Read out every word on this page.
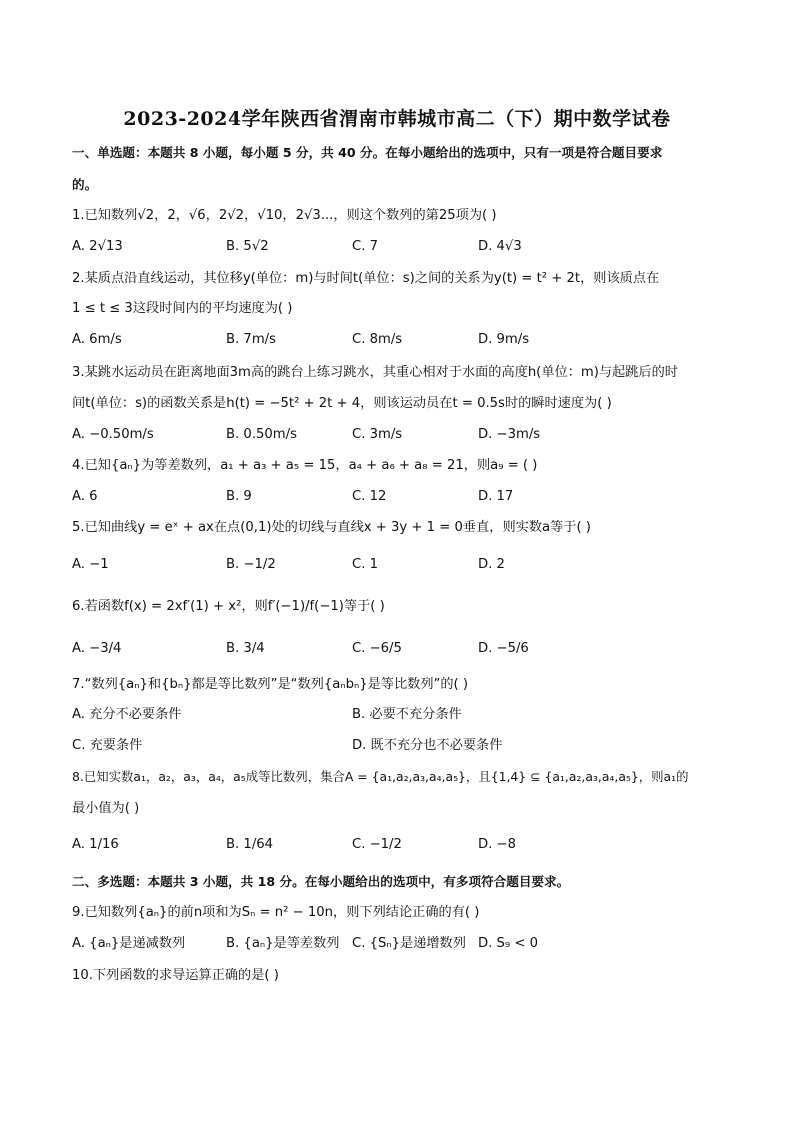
2023-2024学年陕西省渭南市韩城市高二（下）期中数学试卷
一、单选题：本题共 8 小题，每小题 5 分，共 40 分。在每小题给出的选项中，只有一项是符合题目要求
的。
1.已知数列√2，2，√6，2√2，√10，2√3...，则这个数列的第25项为( )
A. 2√13	B. 5√2	C. 7	D. 4√3
2.某质点沿直线运动，其位移y(单位：m)与时间t(单位：s)之间的关系为y(t) = t² + 2t，则该质点在
1 ≤ t ≤ 3这段时间内的平均速度为( )
A. 6m/s	B. 7m/s	C. 8m/s	D. 9m/s
3.某跳水运动员在距离地面3m高的跳台上练习跳水，其重心相对于水面的高度h(单位：m)与起跳后的时
间t(单位：s)的函数关系是h(t) = −5t² + 2t + 4，则该运动员在t = 0.5s时的瞬时速度为( )
A. −0.50m/s	B. 0.50m/s	C. 3m/s	D. −3m/s
4.已知{aₙ}为等差数列，a₁ + a₃ + a₅ = 15，a₄ + a₆ + a₈ = 21，则a₉ = ( )
A. 6	B. 9	C. 12	D. 17
5.已知曲线y = eˣ + ax在点(0,1)处的切线与直线x + 3y + 1 = 0垂直，则实数a等于( )
A. −1	B. −1/2	C. 1	D. 2
6.若函数f(x) = 2xf′(1) + x²，则f′(−1)/f(−1)等于( )
A. −3/4	B. 3/4	C. −6/5	D. −5/6
7.“数列{aₙ}和{bₙ}都是等比数列”是“数列{aₙbₙ}是等比数列”的( )
A. 充分不必要条件	B. 必要不充分条件
C. 充要条件	D. 既不充分也不必要条件
8.已知实数a₁，a₂，a₃，a₄，a₅成等比数列，集合A = {a₁,a₂,a₃,a₄,a₅}，且{1,4} ⊆ {a₁,a₂,a₃,a₄,a₅}，则a₁的
最小值为( )
A. 1/16	B. 1/64	C. −1/2	D. −8
二、多选题：本题共 3 小题，共 18 分。在每小题给出的选项中，有多项符合题目要求。
9.已知数列{aₙ}的前n项和为Sₙ = n² − 10n，则下列结论正确的有( )
A. {aₙ}是递减数列	B. {aₙ}是等差数列 C. {Sₙ}是递增数列 D. S₉ < 0
10.下列函数的求导运算正确的是( )
